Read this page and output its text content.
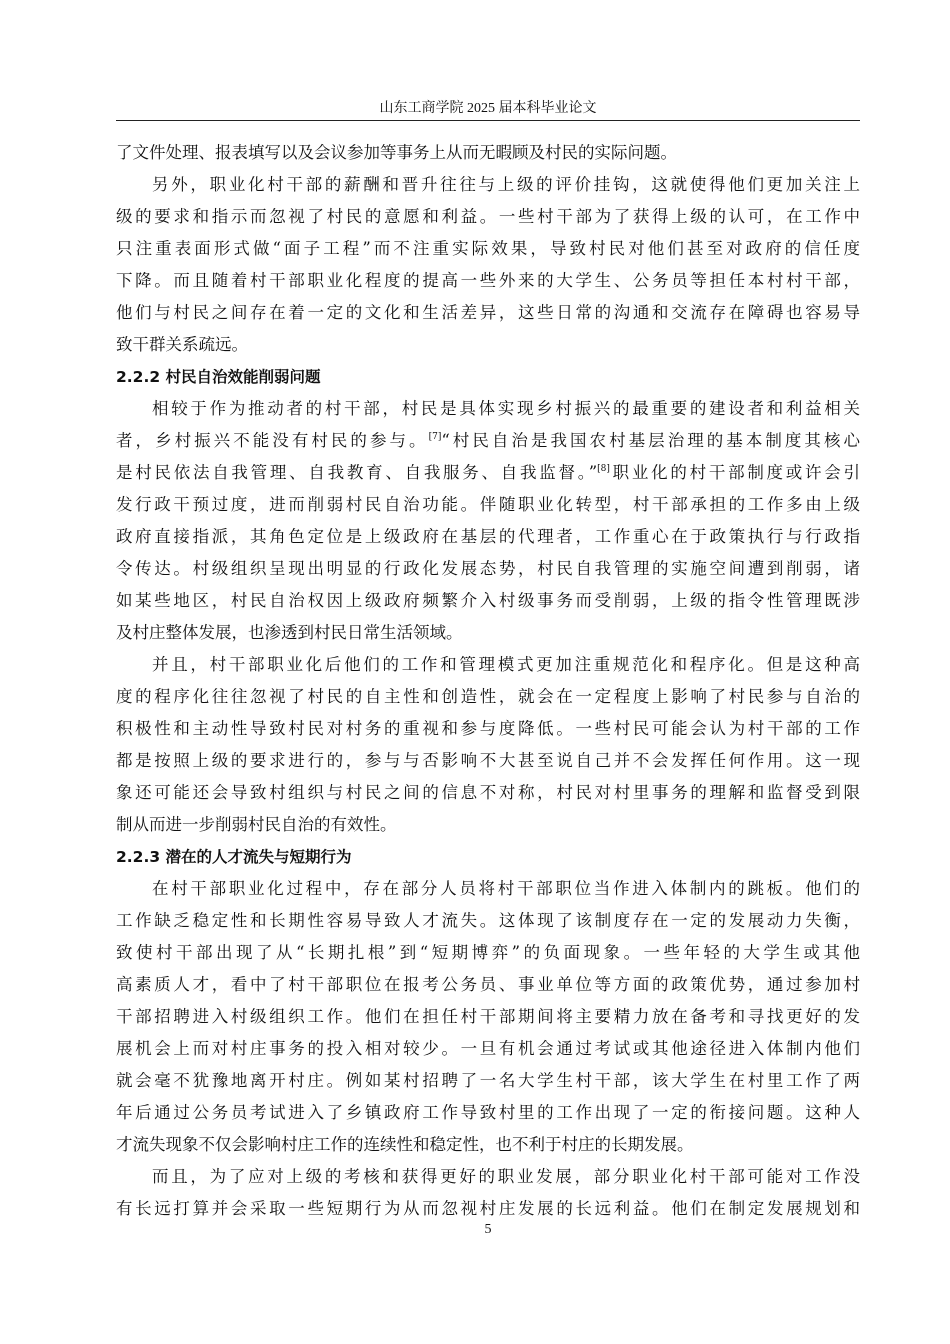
山东工商学院 2025 届本科毕业论文
了文件处理、报表填写以及会议参加等事务上从而无暇顾及村民的实际问题。
另外，职业化村干部的薪酬和晋升往往与上级的评价挂钩，这就使得他们更加关注上
级的要求和指示而忽视了村民的意愿和利益。一些村干部为了获得上级的认可，在工作中
只注重表面形式做“面子工程”而不注重实际效果，导致村民对他们甚至对政府的信任度
下降。而且随着村干部职业化程度的提高一些外来的大学生、公务员等担任本村村干部，
他们与村民之间存在着一定的文化和生活差异，这些日常的沟通和交流存在障碍也容易导
致干群关系疏远。
2.2.2 村民自治效能削弱问题
相较于作为推动者的村干部，村民是具体实现乡村振兴的最重要的建设者和利益相关
者，乡村振兴不能没有村民的参与。[7]“村民自治是我国农村基层治理的基本制度其核心
是村民依法自我管理、自我教育、自我服务、自我监督。”[8]职业化的村干部制度或许会引
发行政干预过度，进而削弱村民自治功能。伴随职业化转型，村干部承担的工作多由上级
政府直接指派，其角色定位是上级政府在基层的代理者，工作重心在于政策执行与行政指
令传达。村级组织呈现出明显的行政化发展态势，村民自我管理的实施空间遭到削弱，诸
如某些地区，村民自治权因上级政府频繁介入村级事务而受削弱，上级的指令性管理既涉
及村庄整体发展，也渗透到村民日常生活领域。
并且，村干部职业化后他们的工作和管理模式更加注重规范化和程序化。但是这种高
度的程序化往往忽视了村民的自主性和创造性，就会在一定程度上影响了村民参与自治的
积极性和主动性导致村民对村务的重视和参与度降低。一些村民可能会认为村干部的工作
都是按照上级的要求进行的，参与与否影响不大甚至说自己并不会发挥任何作用。这一现
象还可能还会导致村组织与村民之间的信息不对称，村民对村里事务的理解和监督受到限
制从而进一步削弱村民自治的有效性。
2.2.3 潜在的人才流失与短期行为
在村干部职业化过程中，存在部分人员将村干部职位当作进入体制内的跳板。他们的
工作缺乏稳定性和长期性容易导致人才流失。这体现了该制度存在一定的发展动力失衡，
致使村干部出现了从“长期扎根”到“短期博弈”的负面现象。一些年轻的大学生或其他
高素质人才，看中了村干部职位在报考公务员、事业单位等方面的政策优势，通过参加村
干部招聘进入村级组织工作。他们在担任村干部期间将主要精力放在备考和寻找更好的发
展机会上而对村庄事务的投入相对较少。一旦有机会通过考试或其他途径进入体制内他们
就会毫不犹豫地离开村庄。例如某村招聘了一名大学生村干部，该大学生在村里工作了两
年后通过公务员考试进入了乡镇政府工作导致村里的工作出现了一定的衔接问题。这种人
才流失现象不仅会影响村庄工作的连续性和稳定性，也不利于村庄的长期发展。
而且，为了应对上级的考核和获得更好的职业发展，部分职业化村干部可能对工作没
有长远打算并会采取一些短期行为从而忽视村庄发展的长远利益。他们在制定发展规划和
5
